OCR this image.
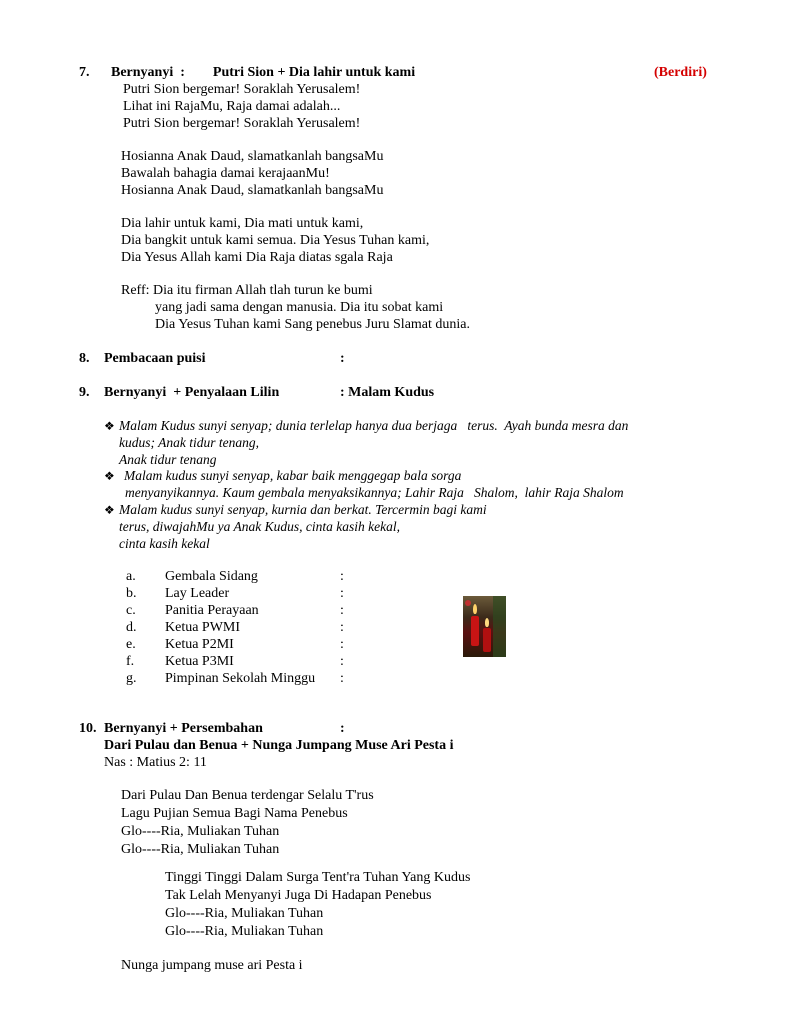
7. Bernyanyi  :        Putri Sion + Dia lahir untuk kami	(Berdiri)
Putri Sion bergemar! Soraklah Yerusalem!
Lihat ini RajaMu, Raja damai adalah...
Putri Sion bergemar! Soraklah Yerusalem!
Hosianna Anak Daud, slamatkanlah bangsaMu
Bawalah bahagia damai kerajaanMu!
Hosianna Anak Daud, slamatkanlah bangsaMu
Dia lahir untuk kami, Dia mati untuk kami,
Dia bangkit untuk kami semua. Dia Yesus Tuhan kami,
Dia Yesus Allah kami Dia Raja diatas sgala Raja
Reff: Dia itu firman Allah tlah turun ke bumi
yang jadi sama dengan manusia. Dia itu sobat kami
Dia Yesus Tuhan kami Sang penebus Juru Slamat dunia.
8. Pembacaan puisi	:
9. Bernyanyi  + Penyalaan Lilin	: Malam Kudus
❖ Malam Kudus sunyi senyap; dunia terlelap hanya dua berjaga   terus.  Ayah bunda mesra dan
kudus; Anak tidur tenang,
Anak tidur tenang
❖ Malam kudus sunyi senyap, kabar baik menggegap bala sorga
menyanyikannya. Kaum gembala menyaksikannya; Lahir Raja   Shalom,  lahir Raja Shalom
❖ Malam kudus sunyi senyap, kurnia dan berkat. Tercermin bagi kami
terus, diwajahMu ya Anak Kudus, cinta kasih kekal,
cinta kasih kekal
a. Gembala Sidang	:
b. Lay Leader	:
c. Panitia Perayaan	:
d. Ketua PWMI	:
e. Ketua P2MI	:
f. Ketua P3MI	:
g. Pimpinan Sekolah Minggu :
10. Bernyanyi + Persembahan	:
Dari Pulau dan Benua + Nunga Jumpang Muse Ari Pesta i
Nas : Matius 2: 11
Dari Pulau Dan Benua terdengar Selalu T'rus
Lagu Pujian Semua Bagi Nama Penebus
Glo----Ria, Muliakan Tuhan
Glo----Ria, Muliakan Tuhan
Tinggi Tinggi Dalam Surga Tent'ra Tuhan Yang Kudus
Tak Lelah Menyanyi Juga Di Hadapan Penebus
Glo----Ria, Muliakan Tuhan
Glo----Ria, Muliakan Tuhan
Nunga jumpang muse ari Pesta i
